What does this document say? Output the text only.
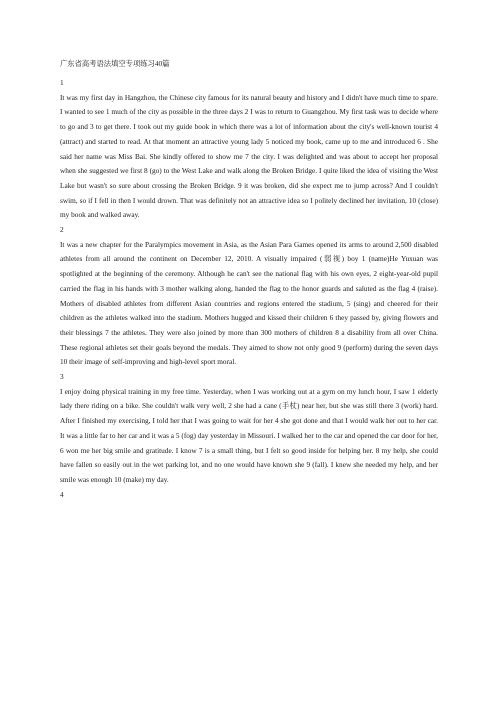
广东省高考语法填空专项练习40篇
1

It was my first day in Hangzhou, the Chinese city famous for its natural beauty and history and I didn't have much time to spare. I wanted to see 1 much of the city as possible in the three days 2 I was to return to Guangzhou. My first task was to decide where to go and 3 to get there. I took out my guide book in which there was a lot of information about the city's well-known tourist 4 (attract) and started to read. At that moment an attractive young lady 5 noticed my book, came up to me and introduced 6 . She said her name was Miss Bai. She kindly offered to show me 7 the city. I was delighted and was about to accept her proposal when she suggested we first 8 (go) to the West Lake and walk along the Broken Bridge. I quite liked the idea of visiting the West Lake but wasn't so sure about crossing the Broken Bridge. 9 it was broken, did she expect me to jump across? And I couldn't swim, so if I fell in then I would drown. That was definitely not an attractive idea so I politely declined her invitation, 10 (close) my book and walked away.

2

It was a new chapter for the Paralympics movement in Asia, as the Asian Para Games opened its arms to around 2,500 disabled athletes from all around the continent on December 12, 2010. A visually impaired (弱视) boy 1 (name)He Yuxuan was spotlighted at the beginning of the ceremony. Although he can't see the national flag with his own eyes, 2 eight-year-old pupil carried the flag in his hands with 3 mother walking along, handed the flag to the honor guards and saluted as the flag 4 (raise). Mothers of disabled athletes from different Asian countries and regions entered the stadium, 5 (sing) and cheered for their children as the athletes walked into the stadium. Mothers hugged and kissed their children 6 they passed by, giving flowers and their blessings 7 the athletes. They were also joined by more than 300 mothers of children 8 a disability from all over China. These regional athletes set their goals beyond the medals. They aimed to show not only good 9 (perform) during the seven days 10 their image of self-improving and high-level sport moral.

3

I enjoy doing physical training in my free time. Yesterday, when I was working out at a gym on my lunch hour, I saw 1 elderly lady there riding on a bike. She couldn't walk very well, 2 she had a cane (手杖) near her, but she was still there 3 (work) hard. After I finished my exercising, I told her that I was going to wait for her 4 she got done and that I would walk her out to her car. It was a little far to her car and it was a 5 (fog) day yesterday in Missouri. I walked her to the car and opened the car door for her, 6 won me her big smile and gratitude. I know 7 is a small thing, but I felt so good inside for helping her. 8 my help, she could have fallen so easily out in the wet parking lot, and no one would have known she 9 (fall). I knew she needed my help, and her smile was enough 10 (make) my day.

4
